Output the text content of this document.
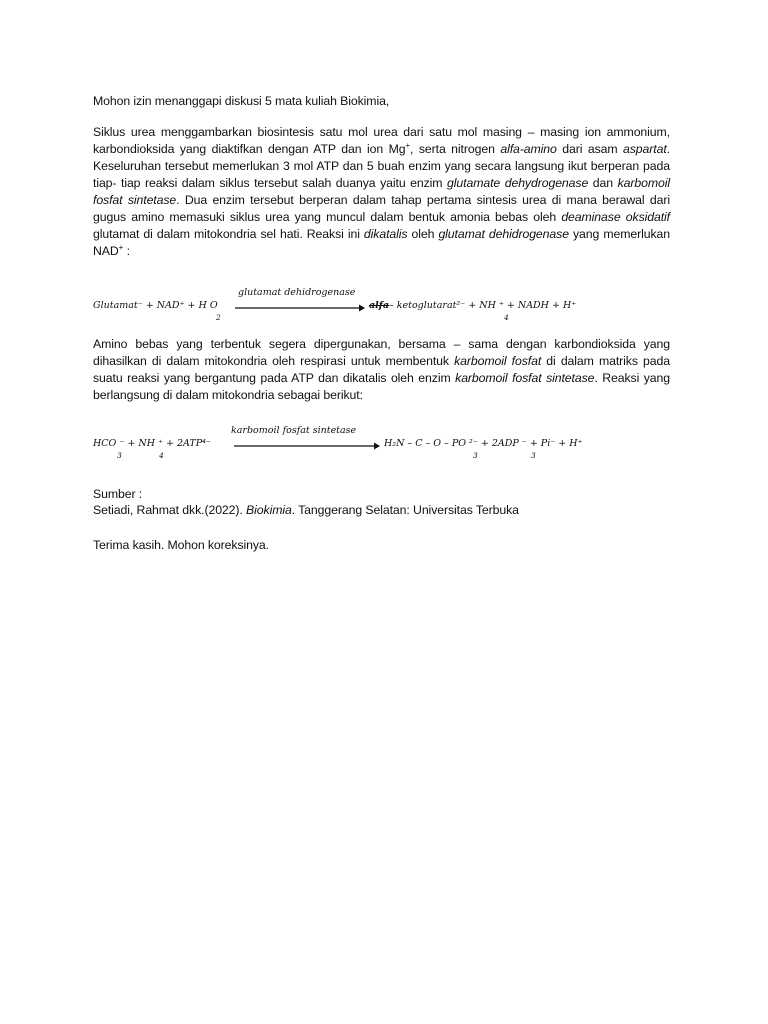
Mohon izin menanggapi diskusi 5 mata kuliah Biokimia,
Siklus urea menggambarkan biosintesis satu mol urea dari satu mol masing – masing ion ammonium, karbondioksida yang diaktifkan dengan ATP dan ion Mg+, serta nitrogen alfa-amino dari asam aspartat. Keseluruhan tersebut memerlukan 3 mol ATP dan 5 buah enzim yang secara langsung ikut berperan pada tiap- tiap reaksi dalam siklus tersebut salah duanya yaitu enzim glutamate dehydrogenase dan karbomoil fosfat sintetase. Dua enzim tersebut berperan dalam tahap pertama sintesis urea di mana berawal dari gugus amino memasuki siklus urea yang muncul dalam bentuk amonia bebas oleh deaminase oksidatif glutamat di dalam mitokondria sel hati. Reaksi ini dikatalis oleh glutamat dehidrogenase yang memerlukan NAD+ :
Glutamat⁻ + NAD⁺ + H O
2
glutamat dehidrogenase
alfa – ketoglutarat²⁻ + NH ⁺ + NADH + H⁺
4
Amino bebas yang terbentuk segera dipergunakan, bersama – sama dengan karbondioksida yang dihasilkan di dalam mitokondria oleh respirasi untuk membentuk karbomoil fosfat di dalam matriks pada suatu reaksi yang bergantung pada ATP dan dikatalis oleh enzim karbomoil fosfat sintetase. Reaksi yang berlangsung di dalam mitokondria sebagai berikut:
HCO ⁻ + NH ⁺ + 2ATP⁴⁻
3	4
karbomoil fosfat sintetase
H₂N – C – O – PO ²⁻ + 2ADP ⁻ + Pi⁻ + H⁺
3	3
Sumber :
Setiadi, Rahmat dkk.(2022). Biokimia. Tanggerang Selatan: Universitas Terbuka
Terima kasih. Mohon koreksinya.
